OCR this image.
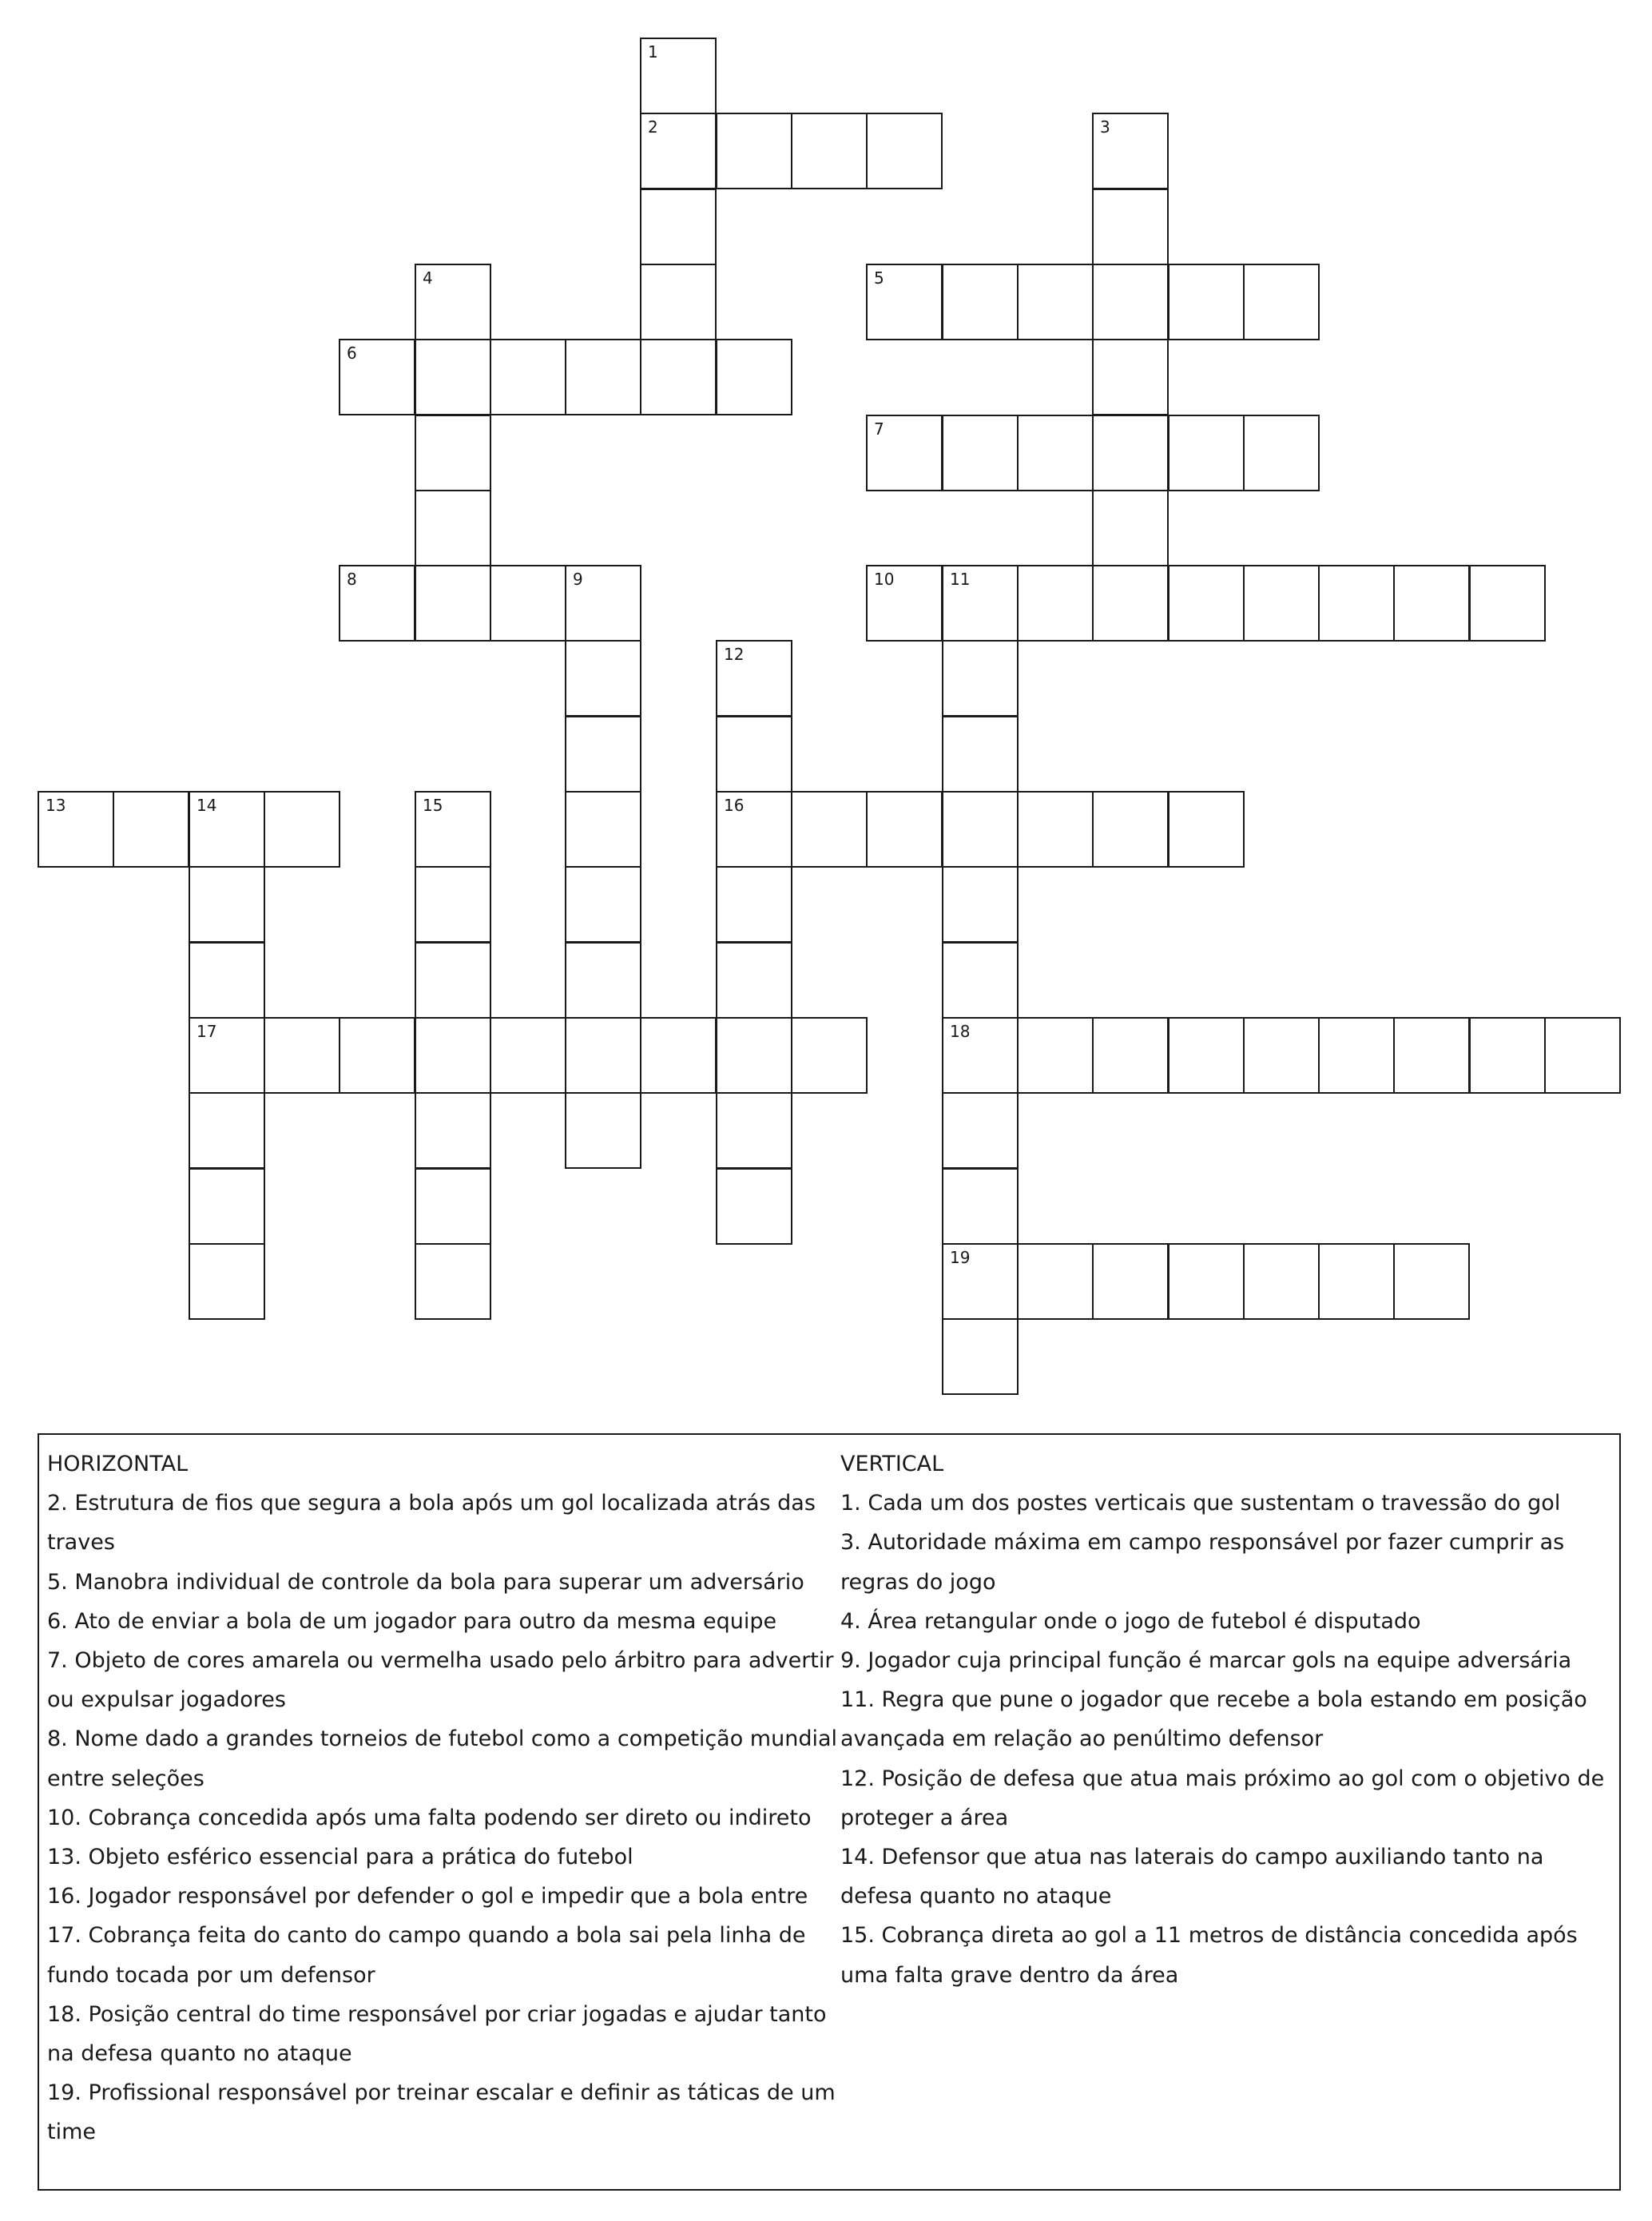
1
2	3
4	5
6
7
8	9	10	11
18
19
12
16
13	14
17
15

HORIZONTAL

2. Estrutura de fios que segura a bola após um gol localizada atrás das traves

5. Manobra individual de controle da bola para superar um adversário

6. Ato de enviar a bola de um jogador para outro da mesma equipe

7. Objeto de cores amarela ou vermelha usado pelo árbitro para advertir ou expulsar jogadores

8. Nome dado a grandes torneios de futebol como a competição mundial entre seleções

10. Cobrança concedida após uma falta podendo ser direto ou indireto

13. Objeto esférico essencial para a prática do futebol

16. Jogador responsável por defender o gol e impedir que a bola entre

17. Cobrança feita do canto do campo quando a bola sai pela linha de fundo tocada por um defensor

18. Posição central do time responsável por criar jogadas e ajudar tanto na defesa quanto no ataque

19. Profissional responsável por treinar escalar e definir as táticas de um time

VERTICAL

1. Cada um dos postes verticais que sustentam o travessão do gol

3. Autoridade máxima em campo responsável por fazer cumprir as regras do jogo

4. Área retangular onde o jogo de futebol é disputado

9. Jogador cuja principal função é marcar gols na equipe adversária

11. Regra que pune o jogador que recebe a bola estando em posição avançada em relação ao penúltimo defensor

12. Posição de defesa que atua mais próximo ao gol com o objetivo de proteger a área

14. Defensor que atua nas laterais do campo auxiliando tanto na defesa quanto no ataque

15. Cobrança direta ao gol a 11 metros de distância concedida após uma falta grave dentro da área
